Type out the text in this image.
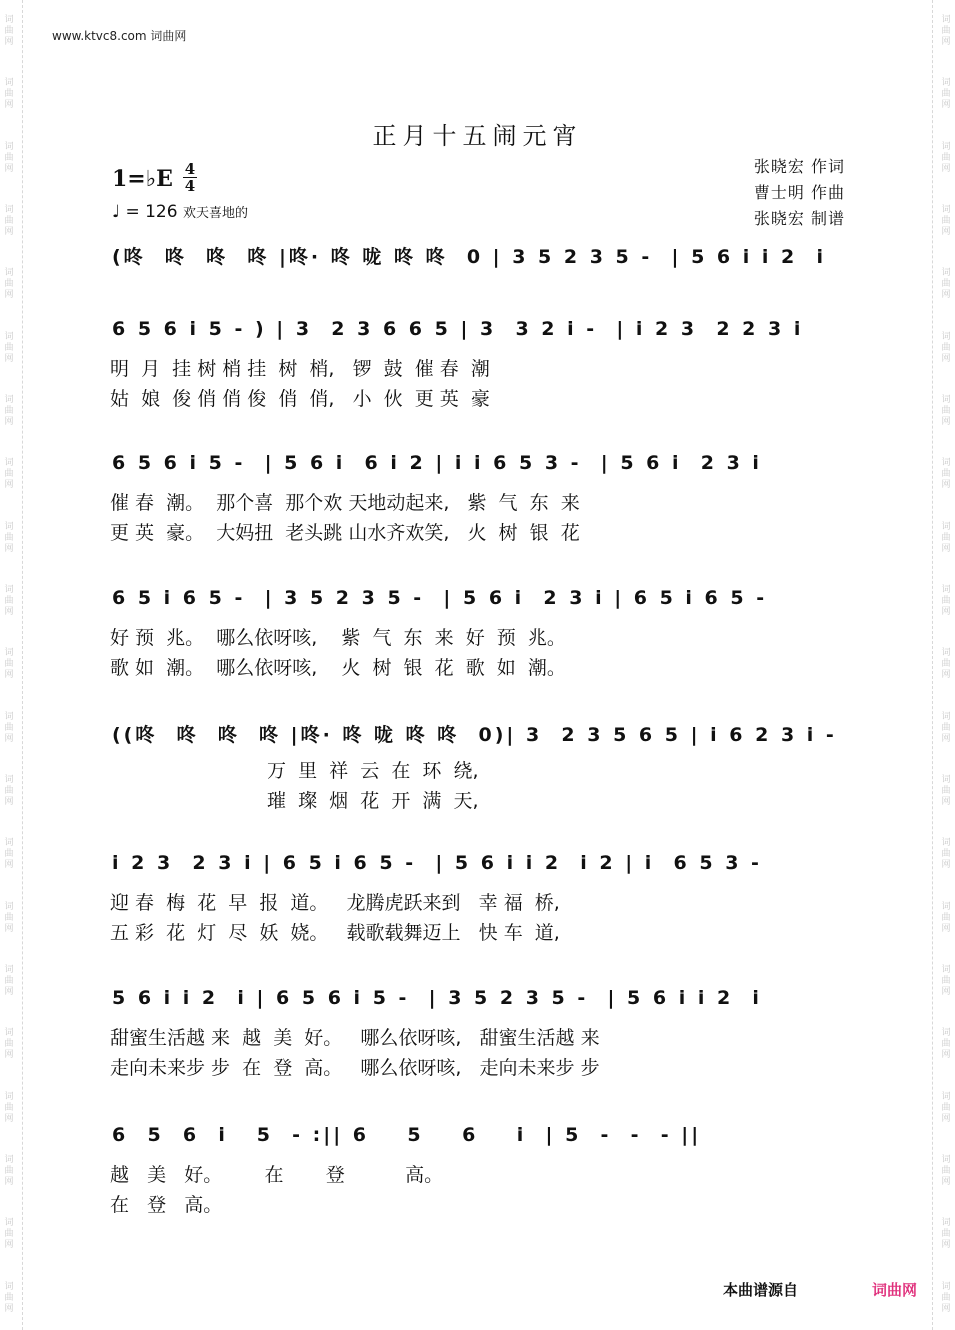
词
曲
网
词
曲
网
词
曲
网
词
曲
网
词
曲
网
词
曲
网
词
曲
网
词
曲
网
词
曲
网
词
曲
网
词
曲
网
词
曲
网
词
曲
网
词
曲
网
词
曲
网
词
曲
网
词
曲
网
词
曲
网
词
曲
网
词
曲
网
词
曲
网
词
曲
网
词
曲
网
词
曲
网
词
曲
网
词
曲
网
词
曲
网
词
曲
网
词
曲
网
词
曲
网
词
曲
网
词
曲
网
词
曲
网
词
曲
网
词
曲
网
词
曲
网
词
曲
网
词
曲
网
词
曲
网
词
曲
网
词
曲
网
词
曲
网
www.ktvc8.com 词曲网
正月十五闹元宵
1=♭E 4
4
♩ = 126 欢天喜地的
张晓宏 作词
曹士明 作曲
张晓宏 制谱
(咚  咚  咚  咚 |咚· 咚 咙 咚 咚  0 | 3 5 2 3 5 -  | 5 6 i i 2  i
6 5 6 i 5 - ) | 3  2 3 6 6 5 | 3  3 2 i -  | i 2 3  2 2 3 i
明  月  挂 树 梢 挂  树  梢,   锣  鼓  催 春  潮
姑  娘  俊 俏 俏 俊  俏  俏,   小  伙  更 英  豪
6 5 6 i 5 -  | 5 6 i  6 i 2 | i i 6 5 3 -  | 5 6 i  2 3 i
催 春  潮。  那个喜  那个欢 天地动起来,   紫  气  东  来
更 英  豪。  大妈扭  老头跳 山水齐欢笑,   火  树  银  花
6 5 i 6 5 -  | 3 5 2 3 5 -  | 5 6 i  2 3 i | 6 5 i 6 5 -
好 预  兆。  哪么依呀咳,    紫  气  东  来  好  预  兆。
歌 如  潮。  哪么依呀咳,    火  树  银  花  歌  如  潮。
((咚  咚  咚  咚 |咚· 咚 咙 咚 咚  0)| 3  2 3 5 6 5 | i 6 2 3 i -
万  里  祥  云  在  环  绕,
璀  璨  烟  花  开  满  天,
i 2 3  2 3 i | 6 5 i 6 5 -  | 5 6 i i 2  i 2 | i  6 5 3 -
迎 春  梅  花  早  报  道。   龙腾虎跃来到   幸 福  桥,
五 彩  花  灯  尽  妖  娆。   载歌载舞迈上   快 车  道,
5 6 i i 2  i | 6 5 6 i 5 -  | 3 5 2 3 5 -  | 5 6 i i 2  i
甜蜜生活越 来  越  美  好。   哪么依呀咳,   甜蜜生活越 来
走向未来步 步  在  登  高。   哪么依呀咳,   走向未来步 步
6  5  6  i   5  - :|| 6    5    6    i  | 5  -  -  - ||
越   美   好。       在       登          高。
在   登   高。
本曲谱源自	词曲网
